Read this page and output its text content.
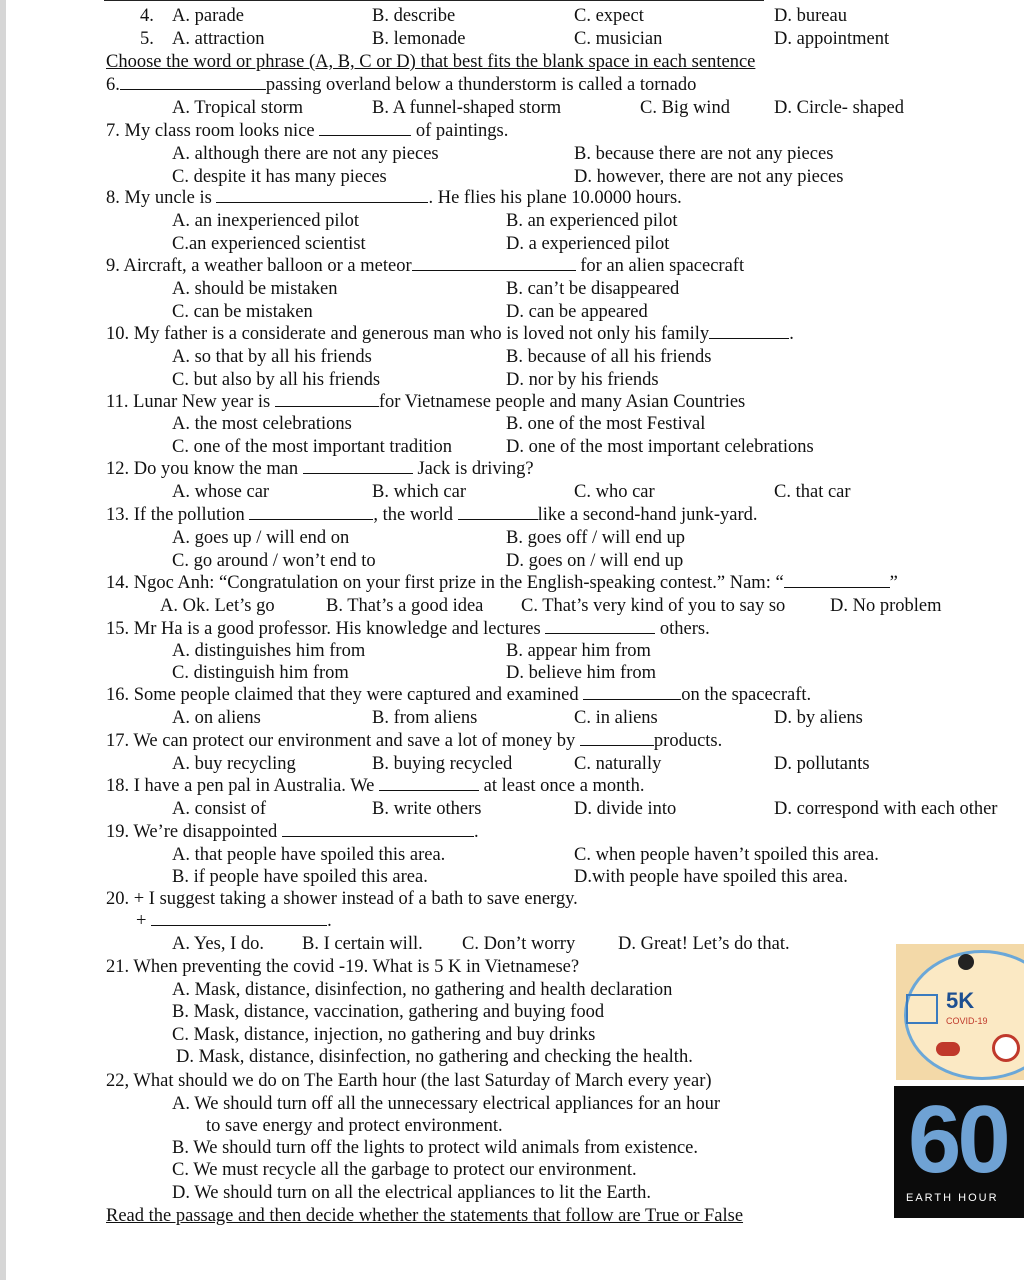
4. A. parade	B. describe	C. expect	D. bureau
5. A. attraction	B. lemonade	C. musician	D. appointment
Choose the word or phrase (A, B, C or D) that best fits the blank space in each sentence
6.	passing overland below a thunderstorm is called a tornado
A. Tropical storm	B. A funnel-shaped storm	C. Big wind D. Circle- shaped
7. My class room looks nice	of paintings.
A. although there are not any pieces	B. because there are not any pieces
C. despite it has many pieces	D. however, there are not any pieces
8. My uncle is	. He flies his plane 10.0000 hours.
A. an inexperienced pilot	B. an experienced pilot
C.an experienced scientist	D. a experienced pilot
9. Aircraft, a weather balloon or a meteor	for an alien spacecraft
A. should be mistaken	B. can’t be disappeared
C. can be mistaken	D. can be appeared
10. My father is a considerate and generous man who is loved not only his family	.
A. so that by all his friends	B. because of all his friends
C. but also by all his friends	D. nor by his friends
11. Lunar New year is	for Vietnamese people and many Asian Countries
A. the most celebrations	B. one of the most Festival
C. one of the most important tradition	D. one of the most important celebrations
12. Do you know the man	Jack is driving?
A. whose car	B. which car	C. who car	C. that car
13. If the pollution	, the world	like a second-hand junk-yard.
A. goes up / will end on	B. goes off / will end up
C. go around / won’t end to	D. goes on / will end up
14. Ngoc Anh: “Congratulation on your first prize in the English-speaking contest.” Nam: “	”
A. Ok. Let’s go	B. That’s a good idea C. That’s very kind of you to say so D. No problem
15. Mr Ha is a good professor. His knowledge and lectures	others.
A. distinguishes him from	B. appear him from
C. distinguish him from	D. believe him from
16. Some people claimed that they were captured and examined	on the spacecraft.
A. on aliens	B. from aliens	C. in aliens	D. by aliens
17. We can protect our environment and save a lot of money by	products.
A. buy recycling	B. buying recycled	C. naturally	D. pollutants
18. I have a pen pal in Australia. We	at least once a month.
A. consist of	B. write others	D. divide into	D. correspond with each other
19. We’re disappointed	.
A. that people have spoiled this area.	C. when people haven’t spoiled this area.
B. if people have spoiled this area.	D.with people have spoiled this area.
20. + I suggest taking a shower instead of a bath to save energy.
+	.
A. Yes, I do. B. I certain will. C. Don’t worry D. Great! Let’s do that.
21. When preventing the covid -19. What is 5 K in Vietnamese?
A. Mask, distance, disinfection, no gathering and health declaration
B. Mask, distance, vaccination, gathering and buying food
C. Mask, distance, injection, no gathering and buy drinks
D. Mask, distance, disinfection, no gathering and checking the health.
22, What should we do on The Earth hour (the last Saturday of March every year)
A. We should turn off all the unnecessary electrical appliances for an hour
to save energy and protect environment.
B. We should turn off the lights to protect wild animals from existence.
C. We must recycle all the garbage to protect our environment.
D. We should turn on all the electrical appliances to lit the Earth.
Read the passage and then decide whether the statements that follow are True or False
5K
COVID-19
60
EARTH HOUR
